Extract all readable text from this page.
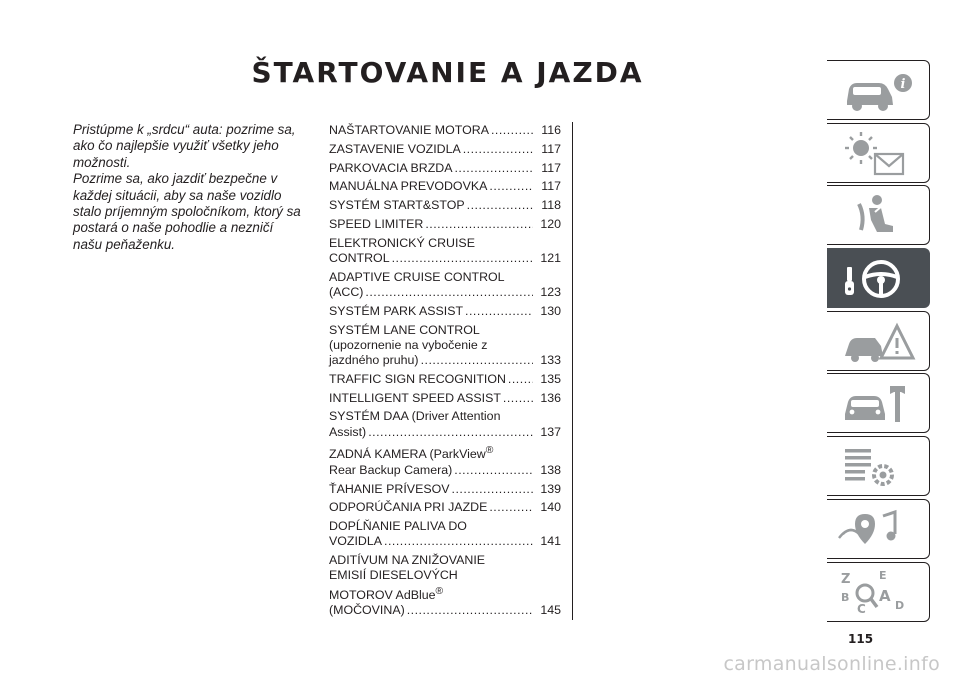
ŠTARTOVANIE A JAZDA

Pristúpme k „srdcu“ auta: pozrime sa, ako čo najlepšie využiť všetky jeho možnosti.

Pozrime sa, ako jazdiť bezpečne v každej situácii, aby sa naše vozidlo stalo príjemným spoločníkom, ktorý sa postará o naše pohodlie a nezničí našu peňaženku.

NAŠTARTOVANIE MOTORA .....	116
ZASTAVENIE VOZIDLA .....	117
PARKOVACIA BRZDA .....	117
MANUÁLNA PREVODOVKA .....	117
SYSTÉM START&STOP .....	118
SPEED LIMITER .....	120
ELEKTRONICKÝ CRUISE
CONTROL .....	121
ADAPTIVE CRUISE CONTROL
(ACC) .....	123
SYSTÉM PARK ASSIST .....	130
SYSTÉM LANE CONTROL
(upozornenie na vybočenie z
jazdného pruhu) .....	133
TRAFFIC SIGN RECOGNITION .....	135
INTELLIGENT SPEED ASSIST .....	136
SYSTÉM DAA (Driver Attention
Assist) .....	137
ZADNÁ KAMERA (ParkView®
Rear Backup Camera) .....	138
ŤAHANIE PRÍVESOV .....	139
ODPORÚČANIA PRI JAZDE .....	140
DOPĹŇANIE PALIVA DO
VOZIDLA .....	141
ADITÍVUM NA ZNIŽOVANIE
EMISIÍ DIESELOVÝCH
MOTOROV AdBlue®
(MOČOVINA) .....	145
i
Z	E
B A
C	D
115
carmanualsonline.info
